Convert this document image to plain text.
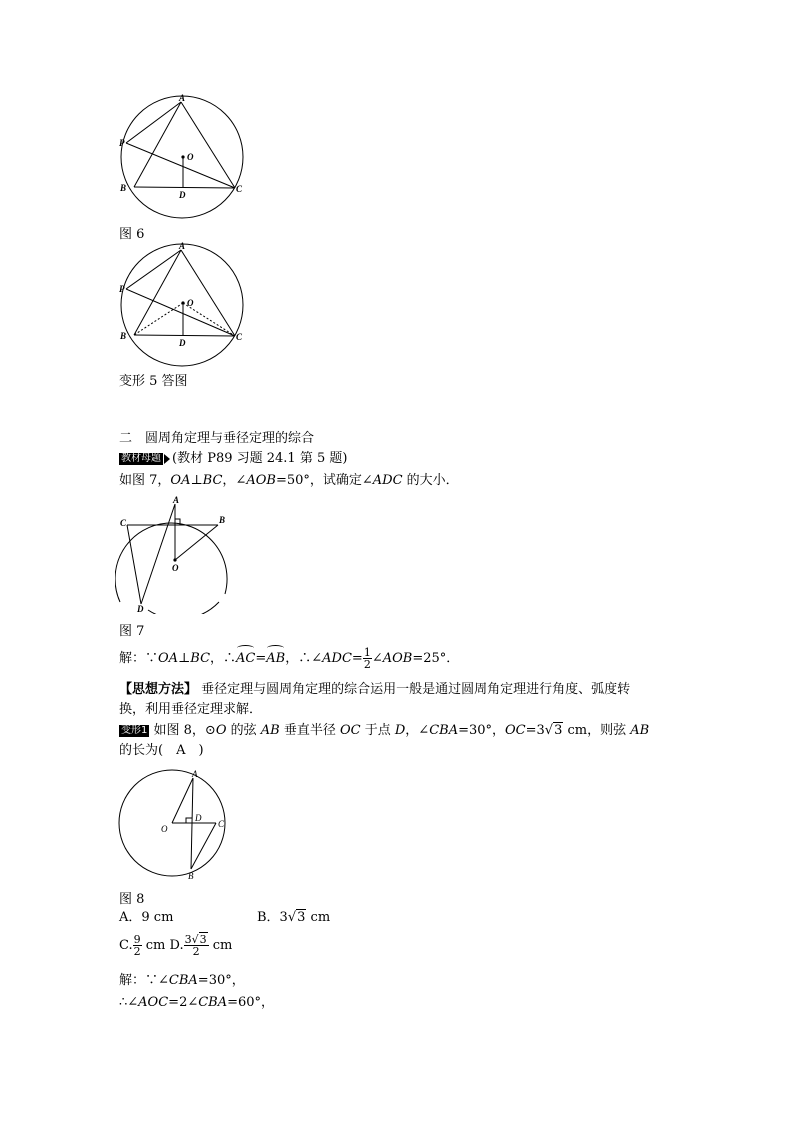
A
P
O
B
D
C
图 6
A
P
O
B
D
C
变形 5 答图
二　圆周角定理与垂径定理的综合
教材母题 (教材 P89 习题 24.1 第 5 题)
如图 7，OA⊥BC，∠AOB=50°，试确定∠ADC 的大小．
A
C	B
O
D
图 7
解：∵OA⊥BC，∴AC=AB，∴∠ADC= $\frac{1}{2}$ ∠AOB=25°．
【思想方法】 垂径定理与圆周角定理的综合运用一般是通过圆周角定理进行角度、弧度转
换，利用垂径定理求解．
变形1 如图 8，⊙O 的弦 AB 垂直半径 OC 于点 D，∠CBA=30°，OC=3√3 cm，则弦 AB
的长为(　A　)
A
D
O	C
B
图 8
A．9 cm	B．3√3 cm
C. $\frac{9}{2}$ cm D. $\frac{3√3}{2}$ cm
解：∵∠CBA=30°，
∴∠AOC=2∠CBA=60°，
